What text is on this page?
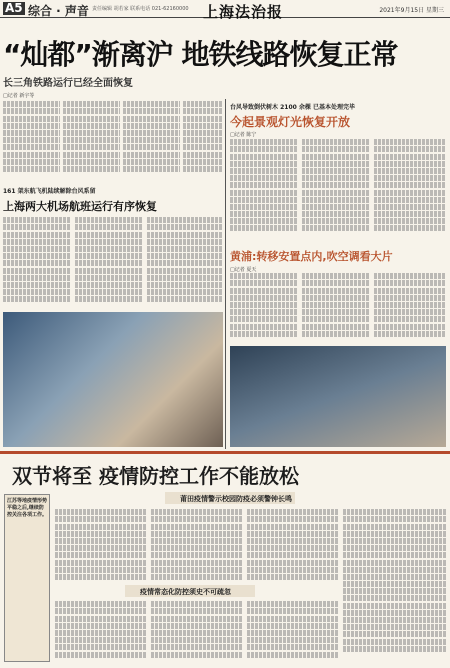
A5 综合 · 声音 责任编辑 胡若家 联系电话 021-62160000 上海法治报	2021年9月15日 星期三
“灿都”渐离沪 地铁线路恢复正常
长三角铁路运行已经全面恢复
□记者 新宇等
161 架东航飞机陆续解除台风系留
上海两大机场航班运行有序恢复
台风导致倒伏树木 2100 余棵 已基本处理完毕
今起景观灯光恢复开放
□记者 陈宁
黄浦:转移安置点内,吹空调看大片
□记者 夏天
双节将至 疫情防控工作不能放松
江苏等地疫情形势平稳之后,继续防控关注各项工作。
莆田疫情警示校园防疫必须警钟长鸣
疫情常态化防控须史不可疏忽
